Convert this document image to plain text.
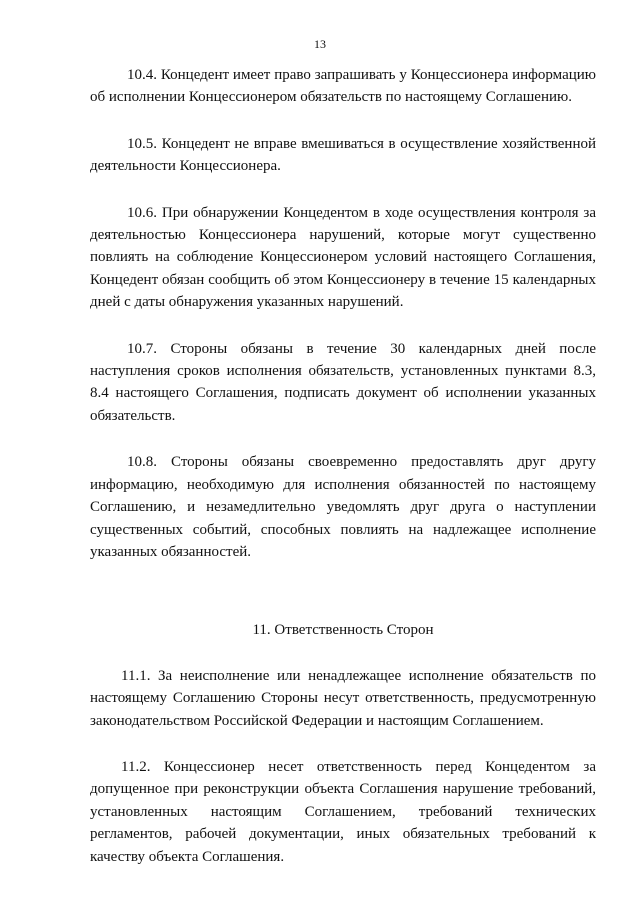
13

10.4. Концедент имеет право запрашивать у Концессионера информацию об исполнении Концессионером обязательств по настоящему Соглашению.

10.5. Концедент не вправе вмешиваться в осуществление хозяйственной деятельности Концессионера.

10.6. При обнаружении Концедентом в ходе осуществления контроля за деятельностью Концессионера нарушений, которые могут существенно повлиять на соблюдение Концессионером условий настоящего Соглашения, Концедент обязан сообщить об этом Концессионеру в течение 15 календарных дней с даты обнаружения указанных нарушений.

10.7. Стороны обязаны в течение 30 календарных дней после наступления сроков исполнения обязательств, установленных пунктами 8.3, 8.4 настоящего Соглашения, подписать документ об исполнении указанных обязательств.

10.8. Стороны обязаны своевременно предоставлять друг другу информацию, необходимую для исполнения обязанностей по настоящему Соглашению, и незамедлительно уведомлять друг друга о наступлении существенных событий, способных повлиять на надлежащее исполнение указанных обязанностей.

11. Ответственность Сторон

11.1. За неисполнение или ненадлежащее исполнение обязательств по настоящему Соглашению Стороны несут ответственность, предусмотренную законодательством Российской Федерации и настоящим Соглашением.

11.2. Концессионер несет ответственность перед Концедентом за допущенное при реконструкции объекта Соглашения нарушение требований, установленных настоящим Соглашением, требований технических регламентов, рабочей документации, иных обязательных требований к качеству объекта Соглашения.
